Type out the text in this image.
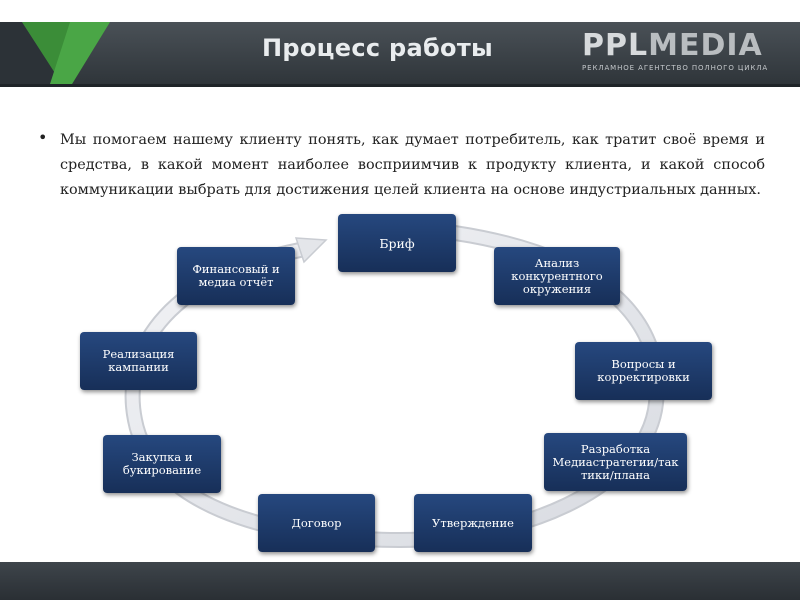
Процесс работы	PPLMEDIA
РЕКЛАМНОЕ АГЕНТСТВО ПОЛНОГО ЦИКЛА
• Мы помогаем нашему клиенту понять, как думает потребитель, как тратит своё время и средства, в какой момент наиболее восприимчив к продукту клиента, и какой способ коммуникации выбрать для достижения целей клиента на основе индустриальных данных.
Бриф
Анализ конкурентного окружения
Вопросы и корректировки
Разработка Медиастратегии/так тики/плана
Утверждение
Договор
Закупка и букирование
Реализация кампании
Финансовый и медиа отчёт
